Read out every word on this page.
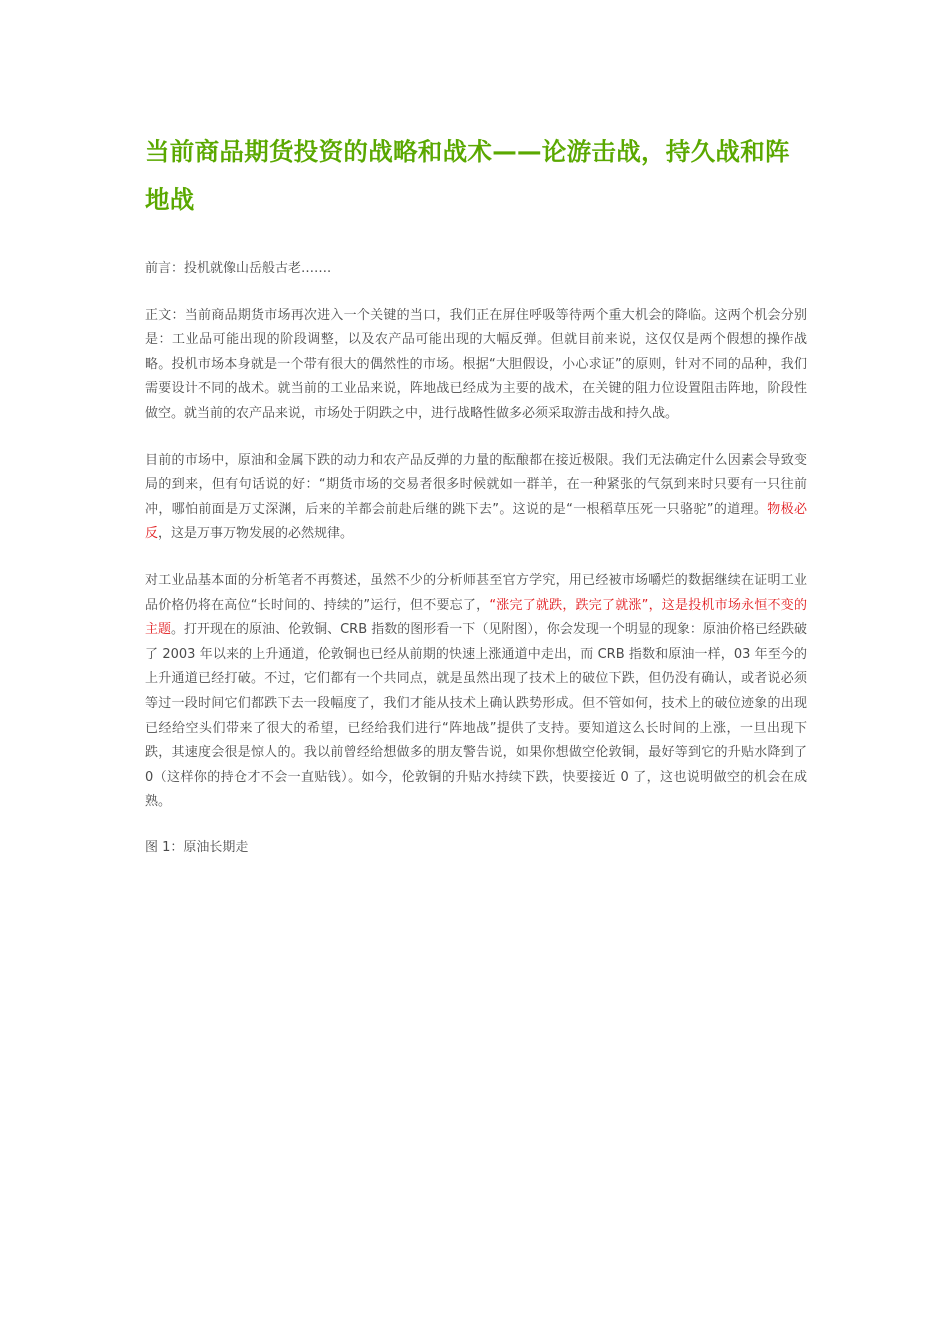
当前商品期货投资的战略和战术——论游击战，持久战和阵地战

前言：投机就像山岳般古老…….

正文：当前商品期货市场再次进入一个关键的当口，我们正在屏住呼吸等待两个重大机会的降临。这两个机会分别是：工业品可能出现的阶段调整，以及农产品可能出现的大幅反弹。但就目前来说，这仅仅是两个假想的操作战略。投机市场本身就是一个带有很大的偶然性的市场。根据“大胆假设，小心求证”的原则，针对不同的品种，我们需要设计不同的战术。就当前的工业品来说，阵地战已经成为主要的战术，在关键的阻力位设置阻击阵地，阶段性做空。就当前的农产品来说，市场处于阴跌之中，进行战略性做多必须采取游击战和持久战。

目前的市场中，原油和金属下跌的动力和农产品反弹的力量的酝酿都在接近极限。我们无法确定什么因素会导致变局的到来，但有句话说的好：“期货市场的交易者很多时候就如一群羊，在一种紧张的气氛到来时只要有一只往前冲，哪怕前面是万丈深渊，后来的羊都会前赴后继的跳下去”。这说的是“一根稻草压死一只骆驼”的道理。物极必反，这是万事万物发展的必然规律。

对工业品基本面的分析笔者不再赘述，虽然不少的分析师甚至官方学究，用已经被市场嚼烂的数据继续在证明工业品价格仍将在高位“长时间的、持续的”运行，但不要忘了，“涨完了就跌，跌完了就涨”，这是投机市场永恒不变的主题。打开现在的原油、伦敦铜、CRB 指数的图形看一下（见附图），你会发现一个明显的现象：原油价格已经跌破了 2003 年以来的上升通道，伦敦铜也已经从前期的快速上涨通道中走出，而 CRB 指数和原油一样，03 年至今的上升通道已经打破。不过，它们都有一个共同点，就是虽然出现了技术上的破位下跌，但仍没有确认，或者说必须等过一段时间它们都跌下去一段幅度了，我们才能从技术上确认跌势形成。但不管如何，技术上的破位迹象的出现已经给空头们带来了很大的希望，已经给我们进行“阵地战”提供了支持。要知道这么长时间的上涨，一旦出现下跌，其速度会很是惊人的。我以前曾经给想做多的朋友警告说，如果你想做空伦敦铜，最好等到它的升贴水降到了 0（这样你的持仓才不会一直贴钱）。如今，伦敦铜的升贴水持续下跌，快要接近 0 了，这也说明做空的机会在成熟。

图 1：原油长期走
